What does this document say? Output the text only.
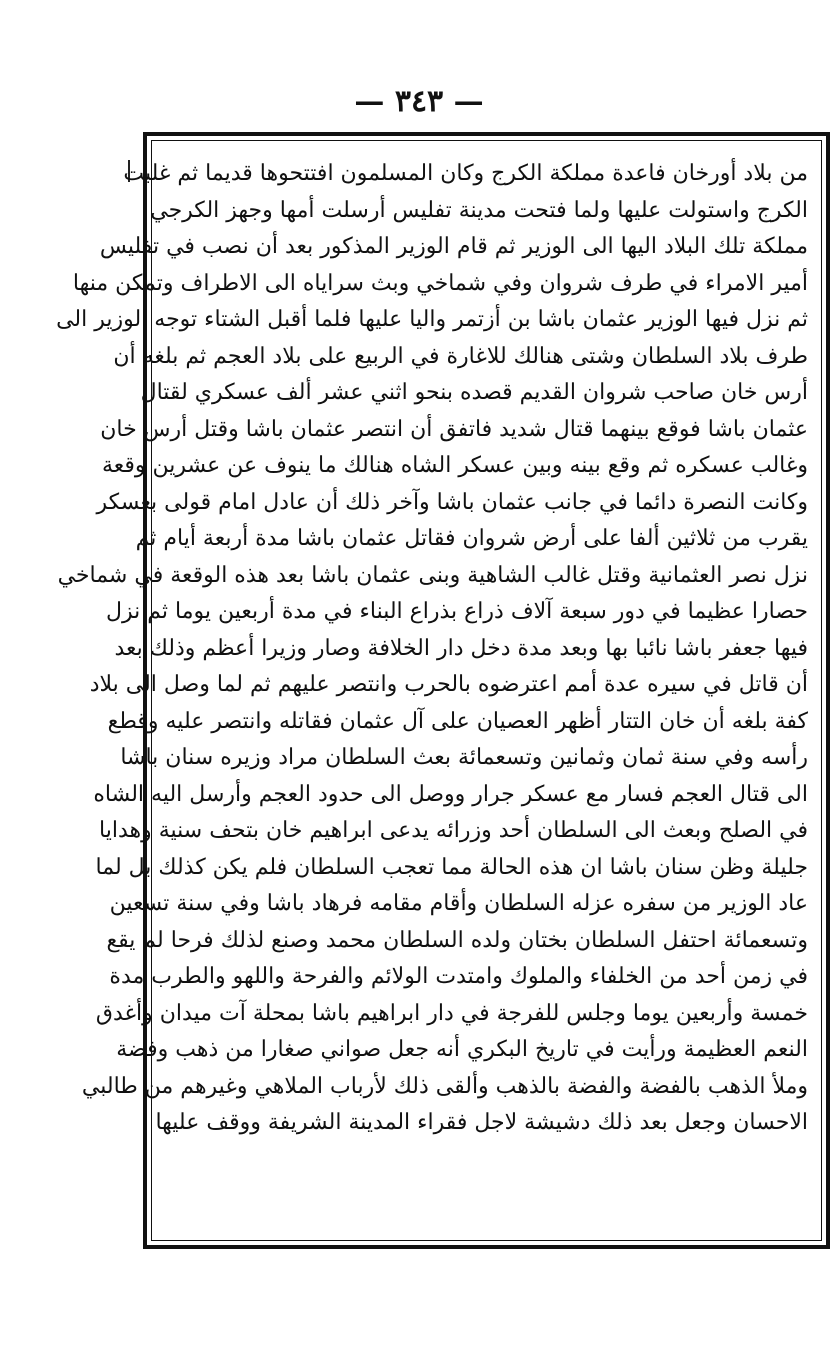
— ٣٤٣ —
من بلاد أورخان فاعدة مملكة الكرج وكان المسلمون افتتحوها قديما ثم غلبت
الكرج واستولت عليها ولما فتحت مدينة تفليس أرسلت أمها وجهز الكرجي
مملكة تلك البلاد اليها الى الوزير ثم قام الوزير المذكور بعد أن نصب في تفليس
أمير الامراء في طرف شروان وفي شماخي وبث سراياه الى الاطراف وتمكن منها
ثم نزل فيها الوزير عثمان باشا بن أزتمر واليا عليها فلما أقبل الشتاء توجه الوزير الى
طرف بلاد السلطان وشتى هنالك للاغارة في الربيع على بلاد العجم ثم بلغه أن
أرس خان صاحب شروان القديم قصده بنحو اثني عشر ألف عسكري لقتال
عثمان باشا فوقع بينهما قتال شديد فاتفق أن انتصر عثمان باشا وقتل أرس خان
وغالب عسكره ثم وقع بينه وبين عسكر الشاه هنالك ما ينوف عن عشرين وقعة
وكانت النصرة دائما في جانب عثمان باشا وآخر ذلك أن عادل امام قولى بعسكر
يقرب من ثلاثين ألفا على أرض شروان فقاتل عثمان باشا مدة أربعة أيام ثم
نزل نصر العثمانية وقتل غالب الشاهية وبنى عثمان باشا بعد هذه الوقعة في شماخي
حصارا عظيما في دور سبعة آلاف ذراع بذراع البناء في مدة أربعين يوما ثم نزل
فيها جعفر باشا نائبا بها وبعد مدة دخل دار الخلافة وصار وزيرا أعظم وذلك بعد
أن قاتل في سيره عدة أمم اعترضوه بالحرب وانتصر عليهم ثم لما وصل الى بلاد
كفة بلغه أن خان التتار أظهر العصيان على آل عثمان فقاتله وانتصر عليه وقطع
رأسه وفي سنة ثمان وثمانين وتسعمائة بعث السلطان مراد وزيره سنان باشا
الى قتال العجم فسار مع عسكر جرار ووصل الى حدود العجم وأرسل اليه الشاه
في الصلح وبعث الى السلطان أحد وزرائه يدعى ابراهيم خان بتحف سنية وهدايا
جليلة وظن سنان باشا ان هذه الحالة مما تعجب السلطان فلم يكن كذلك بل لما
عاد الوزير من سفره عزله السلطان وأقام مقامه فرهاد باشا وفي سنة تسعين
وتسعمائة احتفل السلطان بختان ولده السلطان محمد وصنع لذلك فرحا لم يقع
في زمن أحد من الخلفاء والملوك وامتدت الولائم والفرحة واللهو والطرب مدة
خمسة وأربعين يوما وجلس للفرجة في دار ابراهيم باشا بمحلة آت ميدان وأغدق
النعم العظيمة ورأيت في تاريخ البكري أنه جعل صواني صغارا من ذهب وفضة
وملأ الذهب بالفضة والفضة بالذهب وألقى ذلك لأرباب الملاهي وغيرهم من طالبي
الاحسان وجعل بعد ذلك دشيشة لاجل فقراء المدينة الشريفة ووقف عليها
